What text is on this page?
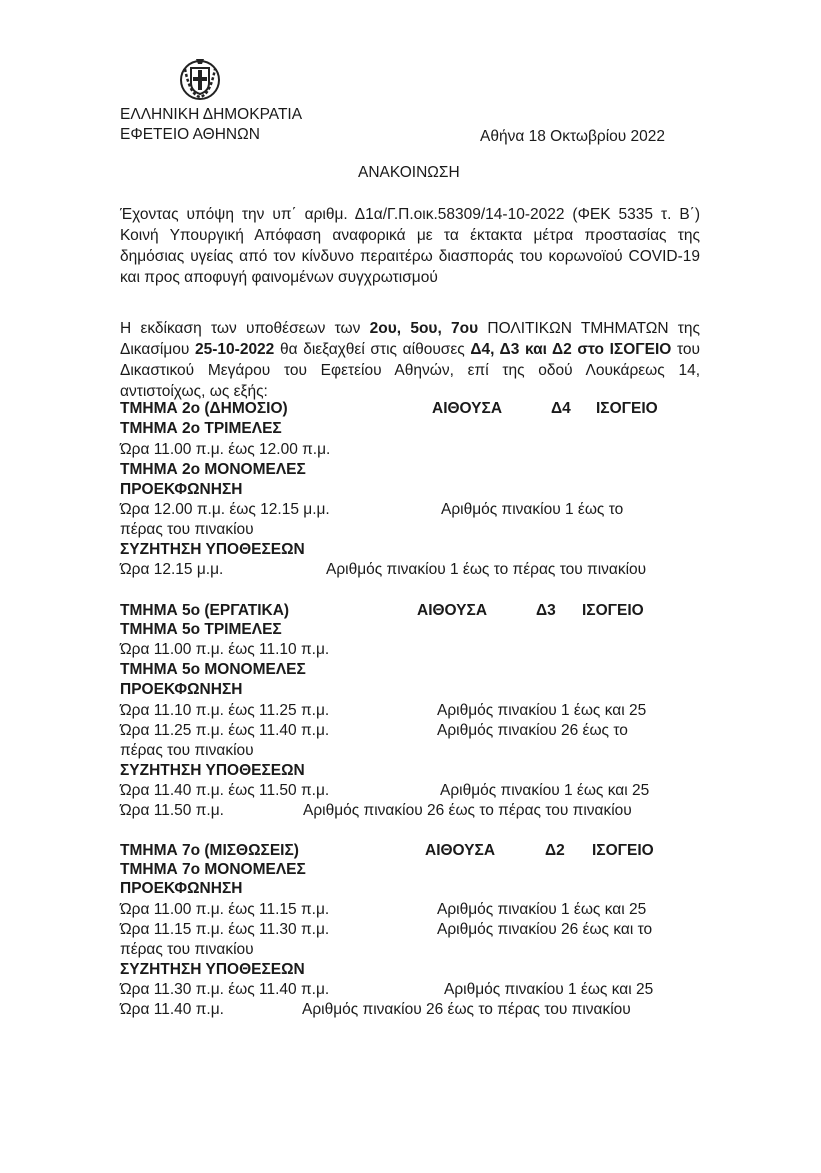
ΕΛΛΗΝΙΚΗ ΔΗΜΟΚΡΑΤΙΑ
ΕΦΕΤΕΙΟ ΑΘΗΝΩΝ	Αθήνα 18 Οκτωβρίου 2022
ΑΝΑΚΟΙΝΩΣΗ
Έχοντας υπόψη την υπ΄ αριθμ. Δ1α/Γ.Π.οικ.58309/14-10-2022 (ΦΕΚ 5335 τ. Β΄) Κοινή Υπουργική Απόφαση αναφορικά με τα έκτακτα μέτρα προστασίας της δημόσιας υγείας από τον κίνδυνο περαιτέρω διασποράς του κορωνοϊού COVID-19 και προς αποφυγή φαινομένων συγχρωτισμού
Η εκδίκαση των υποθέσεων των 2ου, 5ου, 7ου ΠΟΛΙΤΙΚΩΝ ΤΜΗΜΑΤΩΝ της Δικασίμου 25-10-2022 θα διεξαχθεί στις αίθουσες Δ4, Δ3 και Δ2 στο ΙΣΟΓΕΙΟ του Δικαστικού Μεγάρου του Εφετείου Αθηνών, επί της οδού Λουκάρεως 14, αντιστοίχως, ως εξής:
ΤΜΗΜΑ 2ο (ΔΗΜΟΣΙΟ)	ΑΙΘΟΥΣΑ	Δ4 ΙΣΟΓΕΙΟ
ΤΜΗΜΑ 2ο ΤΡΙΜΕΛΕΣ
Ώρα 11.00 π.μ. έως 12.00 π.μ.
ΤΜΗΜΑ 2ο ΜΟΝΟΜΕΛΕΣ
ΠΡΟΕΚΦΩΝΗΣΗ
Ώρα 12.00 π.μ. έως 12.15 μ.μ.	Αριθμός πινακίου 1 έως το
πέρας του πινακίου
ΣΥΖΗΤΗΣΗ ΥΠΟΘΕΣΕΩΝ
Ώρα 12.15 μ.μ.	Αριθμός πινακίου 1 έως το πέρας του πινακίου
ΤΜΗΜΑ 5ο (ΕΡΓΑΤΙΚΑ)	ΑΙΘΟΥΣΑ	Δ3 ΙΣΟΓΕΙΟ
ΤΜΗΜΑ 5ο ΤΡΙΜΕΛΕΣ
Ώρα 11.00 π.μ. έως 11.10 π.μ.
ΤΜΗΜΑ 5ο ΜΟΝΟΜΕΛΕΣ
ΠΡΟΕΚΦΩΝΗΣΗ
Ώρα 11.10 π.μ. έως 11.25 π.μ.	Αριθμός πινακίου 1 έως και 25
Ώρα 11.25 π.μ. έως 11.40 π.μ.	Αριθμός πινακίου 26 έως το
πέρας του πινακίου
ΣΥΖΗΤΗΣΗ ΥΠΟΘΕΣΕΩΝ
Ώρα 11.40 π.μ. έως 11.50 π.μ.	Αριθμός πινακίου 1 έως και 25
Ώρα 11.50 π.μ.	Αριθμός πινακίου 26 έως το πέρας του πινακίου
ΤΜΗΜΑ 7ο (ΜΙΣΘΩΣΕΙΣ)	ΑΙΘΟΥΣΑ	Δ2 ΙΣΟΓΕΙΟ
ΤΜΗΜΑ 7ο ΜΟΝΟΜΕΛΕΣ
ΠΡΟΕΚΦΩΝΗΣΗ
Ώρα 11.00 π.μ. έως 11.15 π.μ.	Αριθμός πινακίου 1 έως και 25
Ώρα 11.15 π.μ. έως 11.30 π.μ.	Αριθμός πινακίου 26 έως και το
πέρας του πινακίου
ΣΥΖΗΤΗΣΗ ΥΠΟΘΕΣΕΩΝ
Ώρα 11.30 π.μ. έως 11.40 π.μ.	Αριθμός πινακίου 1 έως και 25
Ώρα 11.40 π.μ.	Αριθμός πινακίου 26 έως το πέρας του πινακίου
